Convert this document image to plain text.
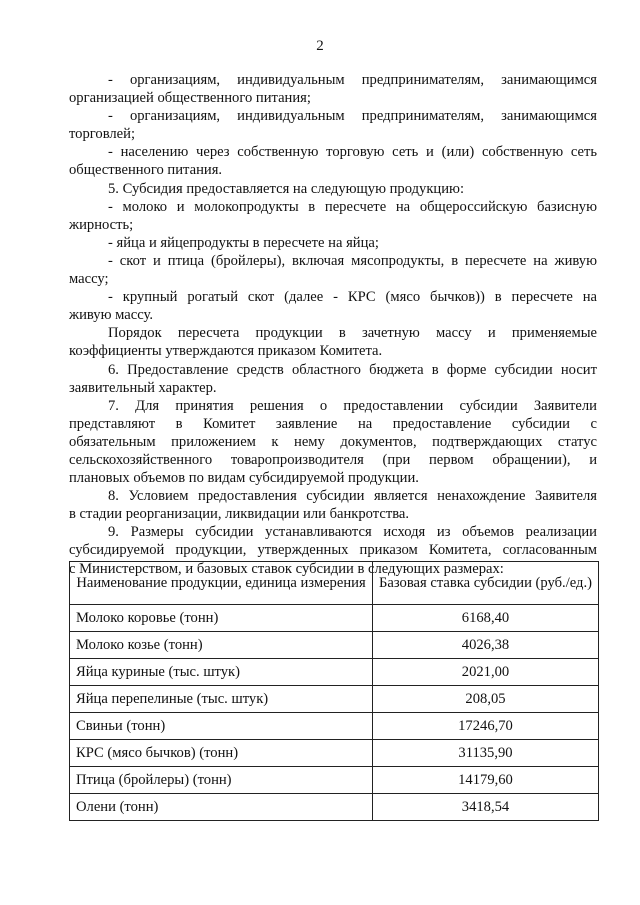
2

- организациям, индивидуальным предпринимателям, занимающимся

организацией общественного питания;

- организациям, индивидуальным предпринимателям, занимающимся

торговлей;

- населению через собственную торговую сеть и (или) собственную сеть

общественного питания.

5. Субсидия предоставляется на следующую продукцию:

- молоко и молокопродукты в пересчете на общероссийскую базисную

жирность;

- яйца и яйцепродукты в пересчете на яйца;

- скот и птица (бройлеры), включая мясопродукты, в пересчете на живую

массу;

- крупный рогатый скот (далее - КРС (мясо бычков)) в пересчете на

живую массу.

Порядок пересчета продукции в зачетную массу и применяемые

коэффициенты утверждаются приказом Комитета.

6. Предоставление средств областного бюджета в форме субсидии носит

заявительный характер.

7. Для принятия решения о предоставлении субсидии Заявители

представляют в Комитет заявление на предоставление субсидии с

обязательным приложением к нему документов, подтверждающих статус

сельскохозяйственного товаропроизводителя (при первом обращении), и

плановых объемов по видам субсидируемой продукции.

8. Условием предоставления субсидии является ненахождение Заявителя

в стадии реорганизации, ликвидации или банкротства.

9. Размеры субсидии устанавливаются исходя из объемов реализации

субсидируемой продукции, утвержденных приказом Комитета, согласованным

с Министерством, и базовых ставок субсидии в следующих размерах:

Наименование продукции, единица измерения	Базовая ставка субсидии (руб./ед.)
Молоко коровье (тонн)	6168,40
Молоко козье (тонн)	4026,38
Яйца куриные (тыс. штук)	2021,00
Яйца перепелиные (тыс. штук)	208,05
Свиньи (тонн)	17246,70
КРС (мясо бычков) (тонн)	31135,90
Птица (бройлеры) (тонн)	14179,60
Олени (тонн)	3418,54
